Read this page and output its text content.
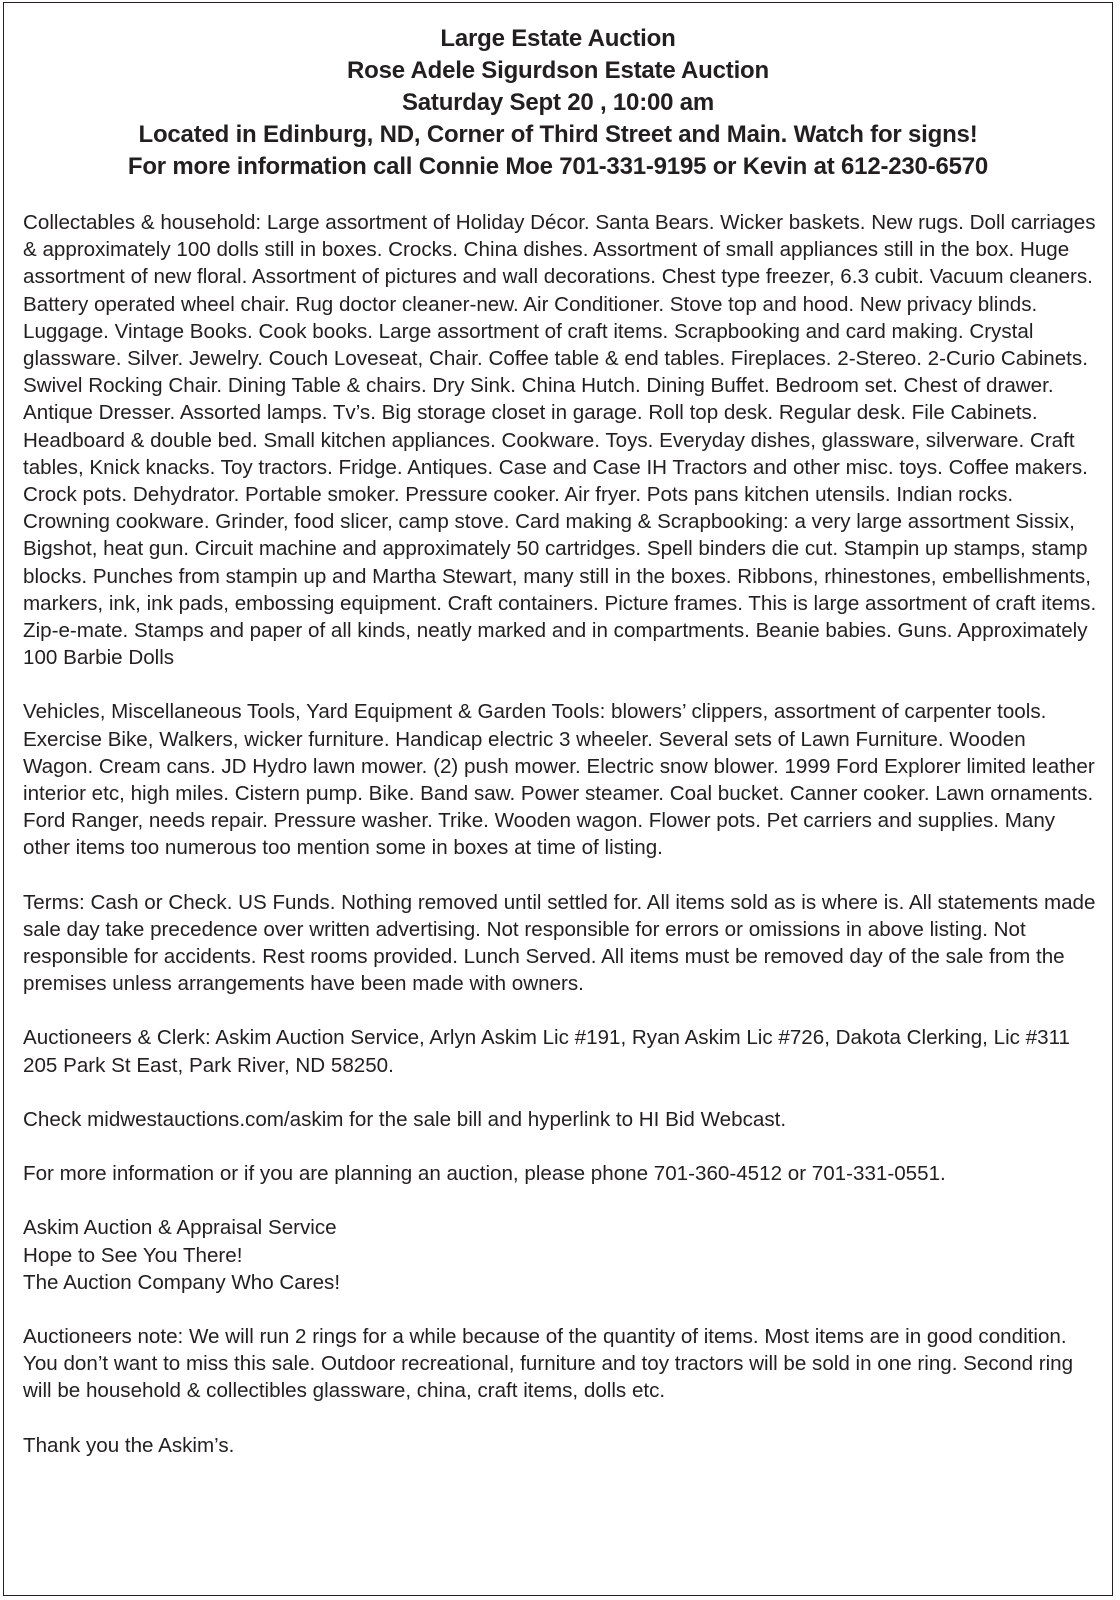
Large Estate Auction
Rose Adele Sigurdson Estate Auction
Saturday Sept 20 , 10:00 am
Located in Edinburg, ND, Corner of Third Street and Main. Watch for signs!
For more information call Connie Moe 701-331-9195 or Kevin at 612-230-6570

Collectables & household: Large assortment of Holiday Décor. Santa Bears. Wicker baskets. New rugs. Doll carriages & approximately 100 dolls still in boxes. Crocks. China dishes. Assortment of small appliances still in the box. Huge assortment of new floral. Assortment of pictures and wall decorations. Chest type freezer, 6.3 cubit. Vacuum cleaners. Battery operated wheel chair. Rug doctor cleaner-new. Air Conditioner. Stove top and hood. New privacy blinds. Luggage. Vintage Books. Cook books. Large assortment of craft items. Scrapbooking and card making. Crystal glassware. Silver. Jewelry. Couch Loveseat, Chair. Coffee table & end tables. Fireplaces. 2-Stereo. 2-Curio Cabinets. Swivel Rocking Chair. Dining Table & chairs. Dry Sink. China Hutch. Dining Buffet. Bedroom set. Chest of drawer. Antique Dresser. Assorted lamps. Tv’s. Big storage closet in garage. Roll top desk. Regular desk. File Cabinets. Headboard & double bed. Small kitchen appliances. Cookware. Toys. Everyday dishes, glassware, silverware. Craft tables, Knick knacks. Toy tractors. Fridge. Antiques. Case and Case IH Tractors and other misc. toys. Coffee makers. Crock pots. Dehydrator. Portable smoker. Pressure cooker. Air fryer. Pots pans kitchen utensils. Indian rocks. Crowning cookware. Grinder, food slicer, camp stove. Card making & Scrapbooking: a very large assortment Sissix, Bigshot, heat gun. Circuit machine and approximately 50 cartridges. Spell binders die cut. Stampin up stamps, stamp blocks. Punches from stampin up and Martha Stewart, many still in the boxes. Ribbons, rhinestones, embellishments, markers, ink, ink pads, embossing equipment. Craft containers. Picture frames. This is large assortment of craft items. Zip-e-mate. Stamps and paper of all kinds, neatly marked and in compartments. Beanie babies. Guns. Approximately 100 Barbie Dolls

Vehicles, Miscellaneous Tools, Yard Equipment & Garden Tools: blowers’ clippers, assortment of carpenter tools. Exercise Bike, Walkers, wicker furniture. Handicap electric 3 wheeler. Several sets of Lawn Furniture. Wooden Wagon. Cream cans. JD Hydro lawn mower. (2) push mower. Electric snow blower. 1999 Ford Explorer limited leather interior etc, high miles. Cistern pump. Bike. Band saw. Power steamer. Coal bucket. Canner cooker. Lawn ornaments. Ford Ranger, needs repair. Pressure washer. Trike. Wooden wagon. Flower pots. Pet carriers and supplies. Many other items too numerous too mention some in boxes at time of listing.

Terms: Cash or Check. US Funds. Nothing removed until settled for. All items sold as is where is. All statements made sale day take precedence over written advertising. Not responsible for errors or omissions in above listing. Not responsible for accidents. Rest rooms provided. Lunch Served. All items must be removed day of the sale from the premises unless arrangements have been made with owners.

Auctioneers & Clerk: Askim Auction Service, Arlyn Askim Lic #191, Ryan Askim Lic #726, Dakota Clerking, Lic #311 205 Park St East, Park River, ND 58250.

Check midwestauctions.com/askim for the sale bill and hyperlink to HI Bid Webcast.

For more information or if you are planning an auction, please phone 701-360-4512 or 701-331-0551.

Askim Auction & Appraisal Service
Hope to See You There!
The Auction Company Who Cares!

Auctioneers note: We will run 2 rings for a while because of the quantity of items. Most items are in good condition. You don’t want to miss this sale. Outdoor recreational, furniture and toy tractors will be sold in one ring. Second ring will be household & collectibles glassware, china, craft items, dolls etc.

Thank you the Askim’s.
